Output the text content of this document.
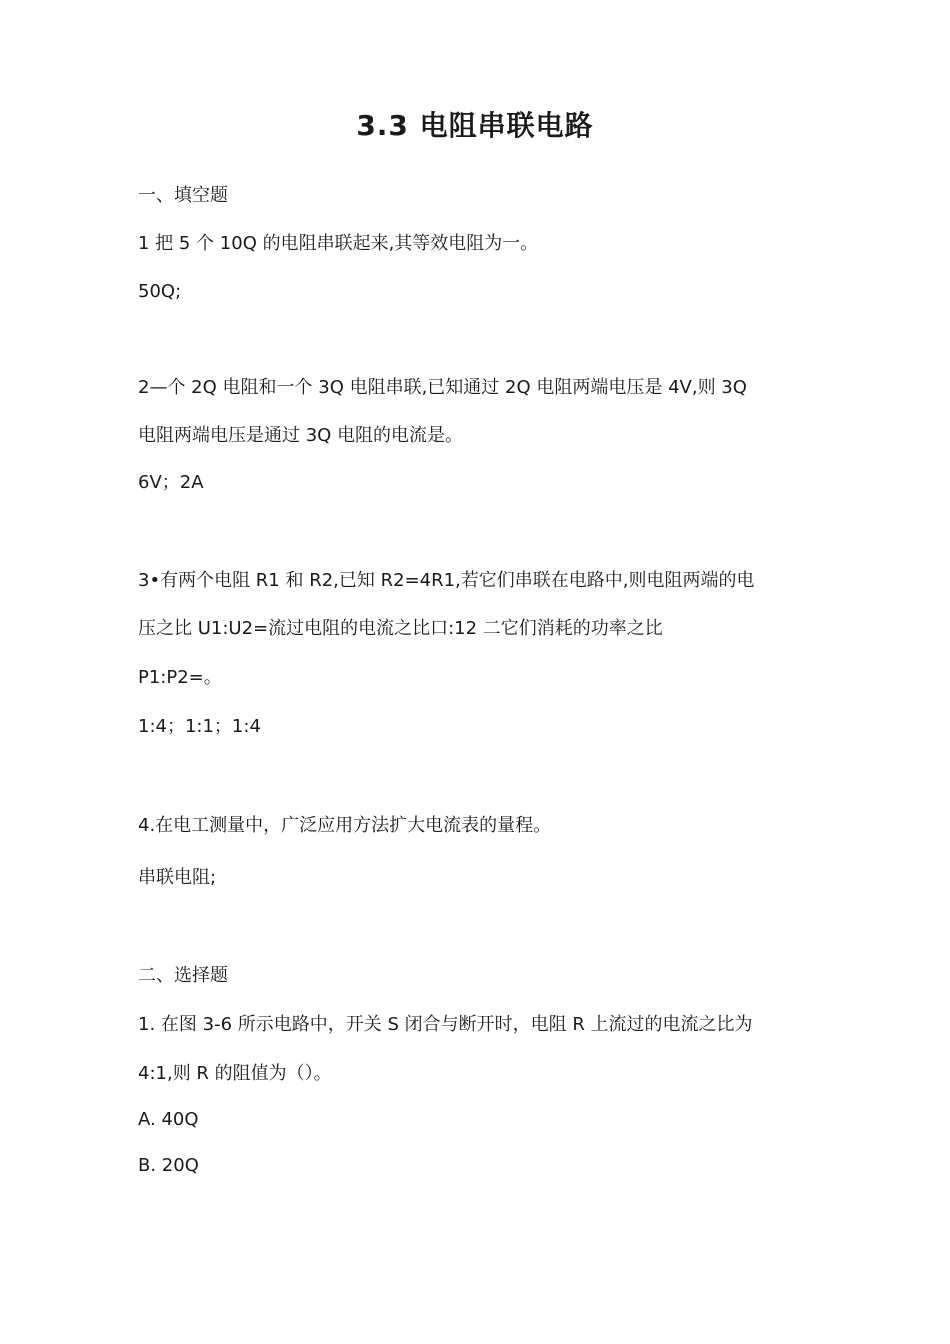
3.3 电阻串联电路
一、填空题
1 把 5 个 10Q 的电阻串联起来,其等效电阻为一。
50Q;
2—个 2Q 电阻和一个 3Q 电阻串联,已知通过 2Q 电阻两端电压是 4V,则 3Q
电阻两端电压是通过 3Q 电阻的电流是。
6V；2A
3•有两个电阻 R1 和 R2,已知 R2=4R1,若它们串联在电路中,则电阻两端的电
压之比 U1:U2=流过电阻的电流之比口:12 二它们消耗的功率之比
P1:P2=。
1:4；1:1；1:4
4.在电工测量中，广泛应用方法扩大电流表的量程。
串联电阻;
二、选择题
1. 在图 3-6 所示电路中，开关 S 闭合与断开时，电阻 R 上流过的电流之比为
4:1,则 R 的阻值为（）。
A. 40Q
B. 20Q
